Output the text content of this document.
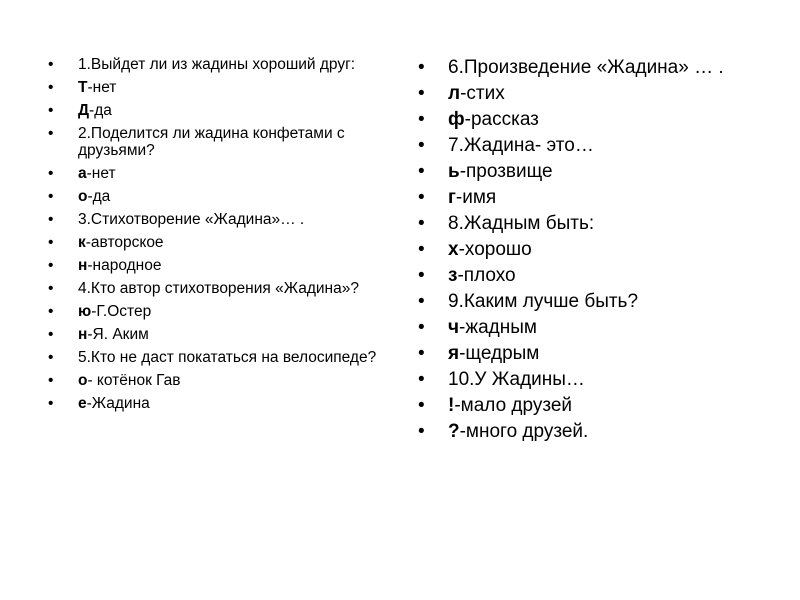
• 1.Выйдет ли из жадины хороший друг:
• Т-нет
• Д-да
• 2.Поделится ли жадина конфетами с друзьями?
• а-нет
• о-да
• 3.Стихотворение «Жадина»… .
• к-авторское
• н-народное
• 4.Кто автор стихотворения «Жадина»?
• ю-Г.Остер
• н-Я. Аким
• 5.Кто не даст покататься на велосипеде?
• о- котёнок Гав
• е-Жадина
• 6.Произведение «Жадина» … .
• л-стих
• ф-рассказ
• 7.Жадина- это…
• ь-прозвище
• г-имя
• 8.Жадным быть:
• х-хорошо
• з-плохо
• 9.Каким лучше быть?
• ч-жадным
• я-щедрым
• 10.У Жадины…
• !-мало друзей
• ?-много друзей.
